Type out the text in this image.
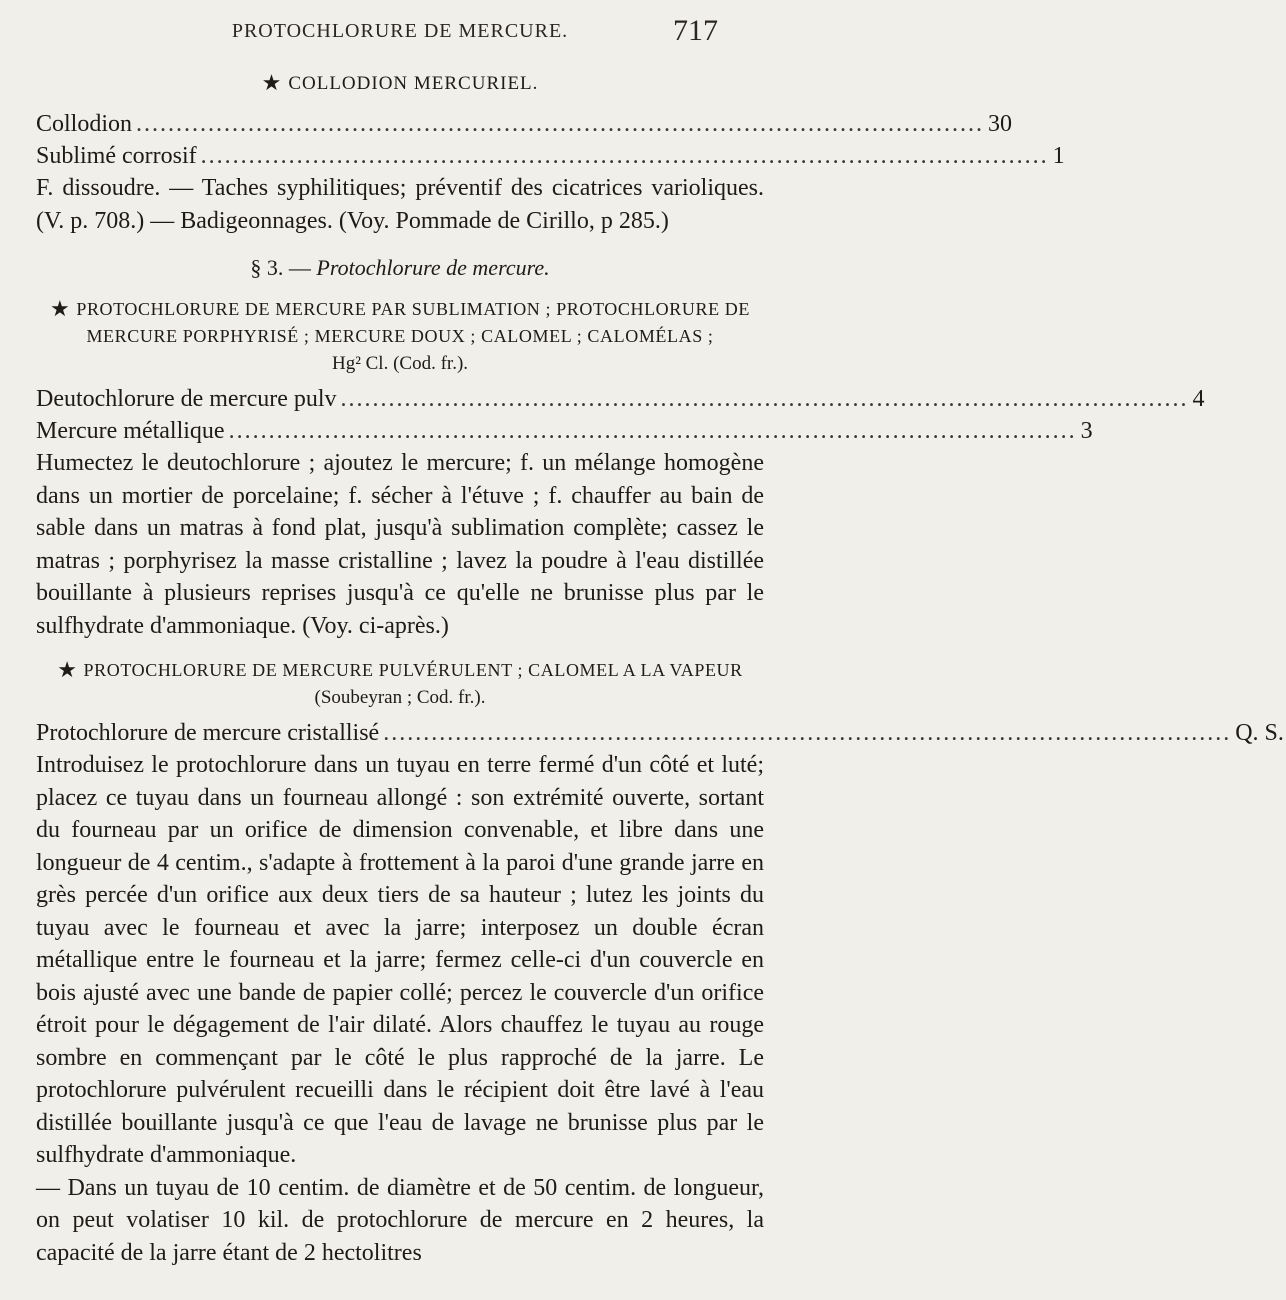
PROTOCHLORURE DE MERCURE.	717
★ COLLODION MERCURIEL.
Collodion .......................................................................................................... 30
Sublimé corrosif .......................................................................................................... 1

F. dissoudre. — Taches syphilitiques; préventif des cicatrices varioliques. (V. p. 708.) — Badigeonnages. (Voy. Pommade de Cirillo, p 285.)

§ 3. — Protochlorure de mercure.
★ PROTOCHLORURE DE MERCURE PAR SUBLIMATION ; PROTOCHLORURE DE MERCURE PORPHYRISÉ ; MERCURE DOUX ; CALOMEL ; CALOMÉLAS ;
Hg² Cl. (Cod. fr.).
Deutochlorure de mercure pulv .......................................................................................................... 4
Mercure métallique .......................................................................................................... 3

Humectez le deutochlorure ; ajoutez le mercure; f. un mélange homogène dans un mortier de porcelaine; f. sécher à l'étuve ; f. chauffer au bain de sable dans un matras à fond plat, jusqu'à sublimation complète; cassez le matras ; porphyrisez la masse cristalline ; lavez la poudre à l'eau distillée bouillante à plusieurs reprises jusqu'à ce qu'elle ne brunisse plus par le sulfhydrate d'ammoniaque. (Voy. ci-après.)

★ PROTOCHLORURE DE MERCURE PULVÉRULENT ; CALOMEL A LA VAPEUR
(Soubeyran ; Cod. fr.).
Protochlorure de mercure cristallisé .......................................................................................................... Q. S.

Introduisez le protochlorure dans un tuyau en terre fermé d'un côté et luté; placez ce tuyau dans un fourneau allongé : son extrémité ouverte, sortant du fourneau par un orifice de dimension convenable, et libre dans une longueur de 4 centim., s'adapte à frottement à la paroi d'une grande jarre en grès percée d'un orifice aux deux tiers de sa hauteur ; lutez les joints du tuyau avec le fourneau et avec la jarre; interposez un double écran métallique entre le fourneau et la jarre; fermez celle-ci d'un couvercle en bois ajusté avec une bande de papier collé; percez le couvercle d'un orifice étroit pour le dégagement de l'air dilaté. Alors chauffez le tuyau au rouge sombre en commençant par le côté le plus rapproché de la jarre. Le protochlorure pulvérulent recueilli dans le récipient doit être lavé à l'eau distillée bouillante jusqu'à ce que l'eau de lavage ne brunisse plus par le sulfhydrate d'ammoniaque.

— Dans un tuyau de 10 centim. de diamètre et de 50 centim. de longueur, on peut volatiser 10 kil. de protochlorure de mercure en 2 heures, la capacité de la jarre étant de 2 hectolitres
